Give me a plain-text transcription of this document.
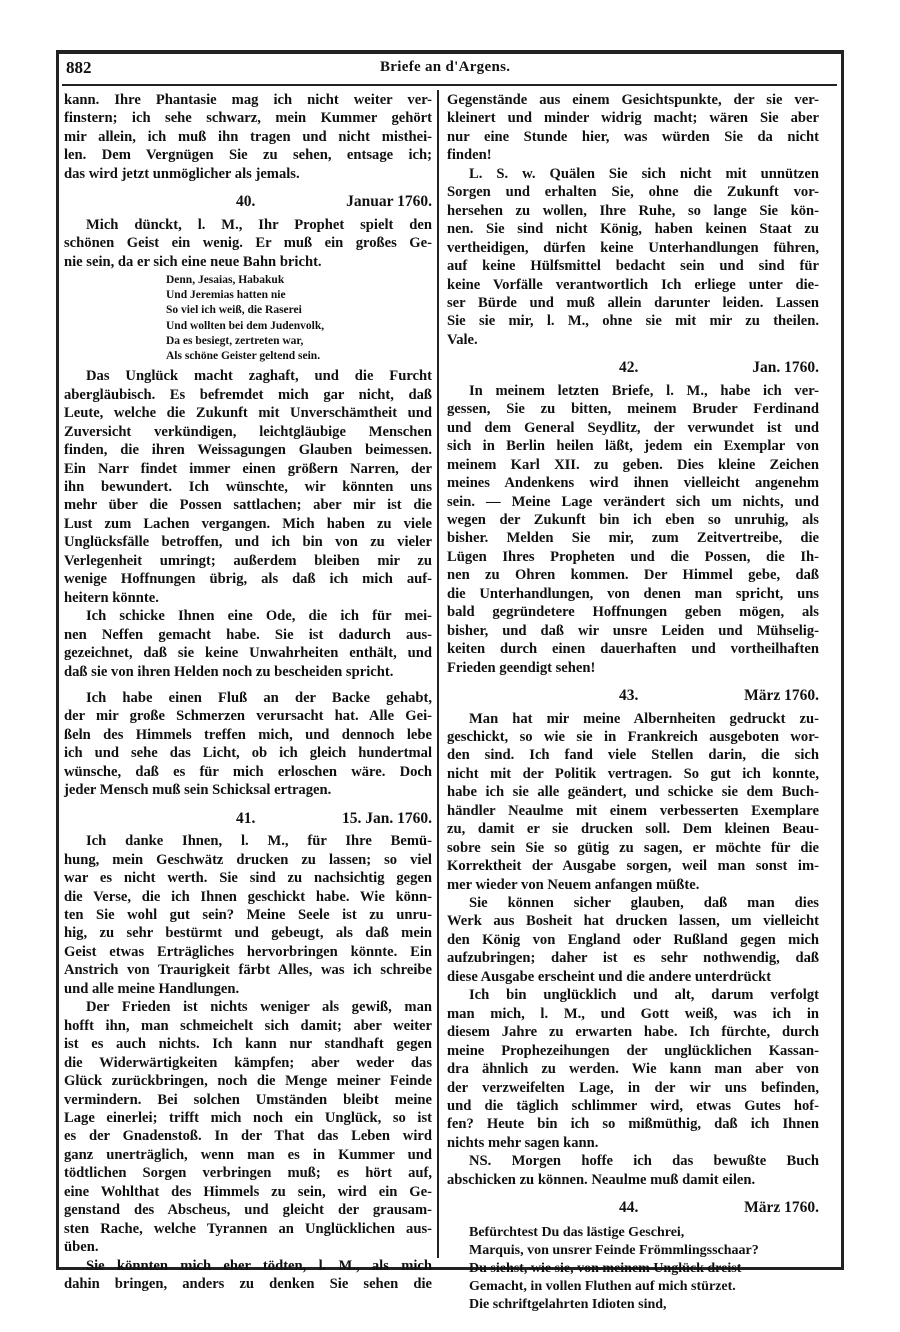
882	Briefe an d'Argens.
kann. Ihre Phantasie mag ich nicht weiter ver-
finstern; ich sehe schwarz, mein Kummer gehört
mir allein, ich muß ihn tragen und nicht misthei-
len. Dem Vergnügen Sie zu sehen, entsage ich;
das wird jetzt unmöglicher als jemals.
40.	Januar 1760.
Mich dünckt, l. M., Ihr Prophet spielt den
schönen Geist ein wenig. Er muß ein großes Ge-
nie sein, da er sich eine neue Bahn bricht.
Denn, Jesaias, Habakuk
Und Jeremias hatten nie
So viel ich weiß, die Raserei
Und wollten bei dem Judenvolk,
Da es besiegt, zertreten war,
Als schöne Geister geltend sein.
Das Unglück macht zaghaft, und die Furcht
abergläubisch. Es befremdet mich gar nicht, daß
Leute, welche die Zukunft mit Unverschämtheit und
Zuversicht verkündigen, leichtgläubige Menschen
finden, die ihren Weissagungen Glauben beimessen.
Ein Narr findet immer einen größern Narren, der
ihn bewundert. Ich wünschte, wir könnten uns
mehr über die Possen sattlachen; aber mir ist die
Lust zum Lachen vergangen. Mich haben zu viele
Unglücksfälle betroffen, und ich bin von zu vieler
Verlegenheit umringt; außerdem bleiben mir zu
wenige Hoffnungen übrig, als daß ich mich auf-
heitern könnte.
Ich schicke Ihnen eine Ode, die ich für mei-
nen Neffen gemacht habe. Sie ist dadurch aus-
gezeichnet, daß sie keine Unwahrheiten enthält, und
daß sie von ihren Helden noch zu bescheiden spricht.
Ich habe einen Fluß an der Backe gehabt,
der mir große Schmerzen verursacht hat. Alle Gei-
ßeln des Himmels treffen mich, und dennoch lebe
ich und sehe das Licht, ob ich gleich hundertmal
wünsche, daß es für mich erloschen wäre. Doch
jeder Mensch muß sein Schicksal ertragen.
41.	15. Jan. 1760.
Ich danke Ihnen, l. M., für Ihre Bemü-
hung, mein Geschwätz drucken zu lassen; so viel
war es nicht werth. Sie sind zu nachsichtig gegen
die Verse, die ich Ihnen geschickt habe. Wie könn-
ten Sie wohl gut sein? Meine Seele ist zu unru-
hig, zu sehr bestürmt und gebeugt, als daß mein
Geist etwas Erträgliches hervorbringen könnte. Ein
Anstrich von Traurigkeit färbt Alles, was ich schreibe
und alle meine Handlungen.
Der Frieden ist nichts weniger als gewiß, man
hofft ihn, man schmeichelt sich damit; aber weiter
ist es auch nichts. Ich kann nur standhaft gegen
die Widerwärtigkeiten kämpfen; aber weder das
Glück zurückbringen, noch die Menge meiner Feinde
vermindern. Bei solchen Umständen bleibt meine
Lage einerlei; trifft mich noch ein Unglück, so ist
es der Gnadenstoß. In der That das Leben wird
ganz unerträglich, wenn man es in Kummer und
tödtlichen Sorgen verbringen muß; es hört auf,
eine Wohlthat des Himmels zu sein, wird ein Ge-
genstand des Abscheus, und gleicht der grausam-
sten Rache, welche Tyrannen an Unglücklichen aus-
üben.
Sie könnten mich eher tödten, l. M., als mich
dahin bringen, anders zu denken Sie sehen die
Gegenstände aus einem Gesichtspunkte, der sie ver-
kleinert und minder widrig macht; wären Sie aber
nur eine Stunde hier, was würden Sie da nicht
finden!
L. S. w. Quälen Sie sich nicht mit unnützen
Sorgen und erhalten Sie, ohne die Zukunft vor-
hersehen zu wollen, Ihre Ruhe, so lange Sie kön-
nen. Sie sind nicht König, haben keinen Staat zu
vertheidigen, dürfen keine Unterhandlungen führen,
auf keine Hülfsmittel bedacht sein und sind für
keine Vorfälle verantwortlich Ich erliege unter die-
ser Bürde und muß allein darunter leiden. Lassen
Sie sie mir, l. M., ohne sie mit mir zu theilen.
Vale.
42.	Jan. 1760.
In meinem letzten Briefe, l. M., habe ich ver-
gessen, Sie zu bitten, meinem Bruder Ferdinand
und dem General Seydlitz, der verwundet ist und
sich in Berlin heilen läßt, jedem ein Exemplar von
meinem Karl XII. zu geben. Dies kleine Zeichen
meines Andenkens wird ihnen vielleicht angenehm
sein. — Meine Lage verändert sich um nichts, und
wegen der Zukunft bin ich eben so unruhig, als
bisher. Melden Sie mir, zum Zeitvertreibe, die
Lügen Ihres Propheten und die Possen, die Ih-
nen zu Ohren kommen. Der Himmel gebe, daß
die Unterhandlungen, von denen man spricht, uns
bald gegründetere Hoffnungen geben mögen, als
bisher, und daß wir unsre Leiden und Mühselig-
keiten durch einen dauerhaften und vortheilhaften
Frieden geendigt sehen!
43.	März 1760.
Man hat mir meine Albernheiten gedruckt zu-
geschickt, so wie sie in Frankreich ausgeboten wor-
den sind. Ich fand viele Stellen darin, die sich
nicht mit der Politik vertragen. So gut ich konnte,
habe ich sie alle geändert, und schicke sie dem Buch-
händler Neaulme mit einem verbesserten Exemplare
zu, damit er sie drucken soll. Dem kleinen Beau-
sobre sein Sie so gütig zu sagen, er möchte für die
Korrektheit der Ausgabe sorgen, weil man sonst im-
mer wieder von Neuem anfangen müßte.
Sie können sicher glauben, daß man dies
Werk aus Bosheit hat drucken lassen, um vielleicht
den König von England oder Rußland gegen mich
aufzubringen; daher ist es sehr nothwendig, daß
diese Ausgabe erscheint und die andere unterdrückt
Ich bin unglücklich und alt, darum verfolgt
man mich, l. M., und Gott weiß, was ich in
diesem Jahre zu erwarten habe. Ich fürchte, durch
meine Prophezeihungen der unglücklichen Kassan-
dra ähnlich zu werden. Wie kann man aber von
der verzweifelten Lage, in der wir uns befinden,
und die täglich schlimmer wird, etwas Gutes hof-
fen? Heute bin ich so mißmüthig, daß ich Ihnen
nichts mehr sagen kann.
NS. Morgen hoffe ich das bewußte Buch
abschicken zu können. Neaulme muß damit eilen.
44.	März 1760.
Befürchtest Du das lästige Geschrei,
Marquis, von unsrer Feinde Frömmlingsschaar?
Du siehst, wie sie, von meinem Unglück dreist
Gemacht, in vollen Fluthen auf mich stürzet.
Die schriftgelahrten Idioten sind,
